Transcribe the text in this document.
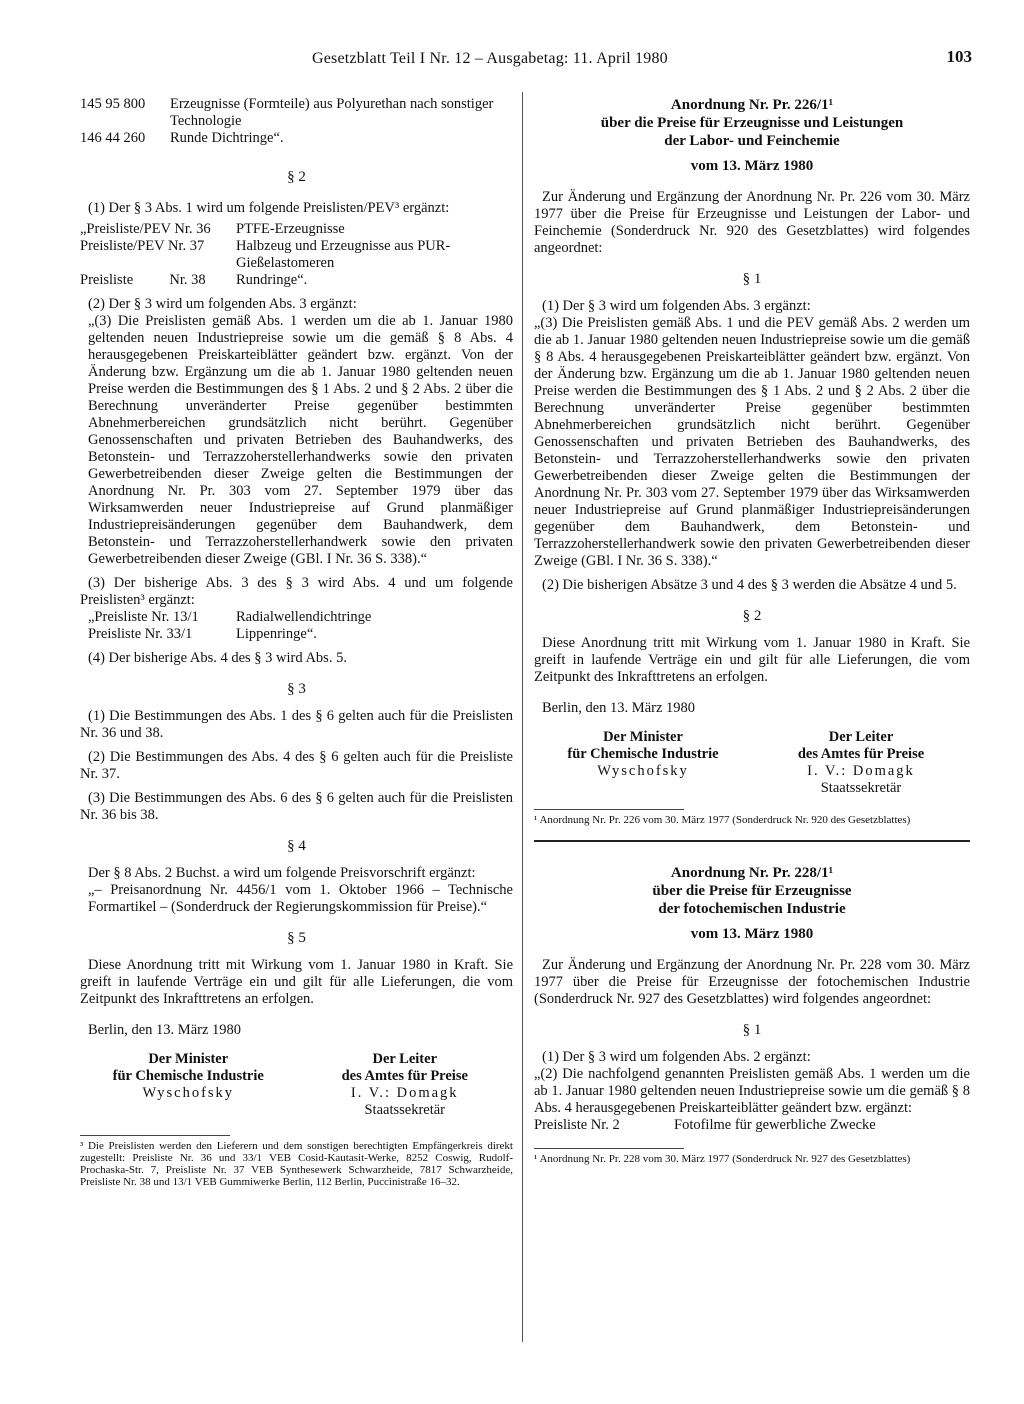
Gesetzblatt Teil I Nr. 12 – Ausgabetag: 11. April 1980	103
145 95 800	Erzeugnisse (Formteile) aus Polyurethan nach sonstiger Technologie
146 44 260	Runde Dichtringe“.
§ 2

(1) Der § 3 Abs. 1 wird um folgende Preislisten/PEV³ ergänzt:

„Preisliste/PEV Nr. 36	PTFE-Erzeugnisse
Preisliste/PEV Nr. 37	Halbzeug und Erzeugnisse aus PUR-Gießelastomeren
Preisliste          Nr. 38	Rundringe“.

(2) Der § 3 wird um folgenden Abs. 3 ergänzt:

„(3) Die Preislisten gemäß Abs. 1 werden um die ab 1. Januar 1980 geltenden neuen Industriepreise sowie um die gemäß § 8 Abs. 4 herausgegebenen Preiskarteiblätter geändert bzw. ergänzt. Von der Änderung bzw. Ergänzung um die ab 1. Januar 1980 geltenden neuen Preise werden die Bestimmungen des § 1 Abs. 2 und § 2 Abs. 2 über die Berechnung unveränderter Preise gegenüber bestimmten Abnehmerbereichen grundsätzlich nicht berührt. Gegenüber Genossenschaften und privaten Betrieben des Bauhandwerks, des Betonstein- und Terrazzoherstellerhandwerks sowie den privaten Gewerbetreibenden dieser Zweige gelten die Bestimmungen der Anordnung Nr. Pr. 303 vom 27. September 1979 über das Wirksamwerden neuer Industriepreise auf Grund planmäßiger Industriepreisänderungen gegenüber dem Bauhandwerk, dem Betonstein- und Terrazzoherstellerhandwerk sowie den privaten Gewerbetreibenden dieser Zweige (GBl. I Nr. 36 S. 338).“

(3) Der bisherige Abs. 3 des § 3 wird Abs. 4 und um folgende Preislisten³ ergänzt:

„Preisliste Nr. 13/1	Radialwellendichtringe
Preisliste Nr. 33/1	Lippenringe“.

(4) Der bisherige Abs. 4 des § 3 wird Abs. 5.

§ 3

(1) Die Bestimmungen des Abs. 1 des § 6 gelten auch für die Preislisten Nr. 36 und 38.

(2) Die Bestimmungen des Abs. 4 des § 6 gelten auch für die Preisliste Nr. 37.

(3) Die Bestimmungen des Abs. 6 des § 6 gelten auch für die Preislisten Nr. 36 bis 38.

§ 4

Der § 8 Abs. 2 Buchst. a wird um folgende Preisvorschrift ergänzt:

„– Preisanordnung Nr. 4456/1 vom 1. Oktober 1966 – Technische Formartikel – (Sonderdruck der Regierungskommission für Preise).“

§ 5

Diese Anordnung tritt mit Wirkung vom 1. Januar 1980 in Kraft. Sie greift in laufende Verträge ein und gilt für alle Lieferungen, die vom Zeitpunkt des Inkrafttretens an erfolgen.

Berlin, den 13. März 1980

Der Minister
für Chemische Industrie
Wyschofsky
Der Leiter
des Amtes für Preise
I. V.: Domagk
Staatssekretär

³ Die Preislisten werden den Lieferern und dem sonstigen berechtigten Empfängerkreis direkt zugestellt: Preisliste Nr. 36 und 33/1 VEB Cosid-Kautasit-Werke, 8252 Coswig, Rudolf-Prochaska-Str. 7, Preisliste Nr. 37 VEB Synthesewerk Schwarzheide, 7817 Schwarzheide, Preisliste Nr. 38 und 13/1 VEB Gummiwerke Berlin, 112 Berlin, Puccinistraße 16–32.

Anordnung Nr. Pr. 226/1¹
über die Preise für Erzeugnisse und Leistungen
der Labor- und Feinchemie
vom 13. März 1980

Zur Änderung und Ergänzung der Anordnung Nr. Pr. 226 vom 30. März 1977 über die Preise für Erzeugnisse und Leistungen der Labor- und Feinchemie (Sonderdruck Nr. 920 des Gesetzblattes) wird folgendes angeordnet:

§ 1

(1) Der § 3 wird um folgenden Abs. 3 ergänzt:

„(3) Die Preislisten gemäß Abs. 1 und die PEV gemäß Abs. 2 werden um die ab 1. Januar 1980 geltenden neuen Industriepreise sowie um die gemäß § 8 Abs. 4 herausgegebenen Preiskarteiblätter geändert bzw. ergänzt. Von der Änderung bzw. Ergänzung um die ab 1. Januar 1980 geltenden neuen Preise werden die Bestimmungen des § 1 Abs. 2 und § 2 Abs. 2 über die Berechnung unveränderter Preise gegenüber bestimmten Abnehmerbereichen grundsätzlich nicht berührt. Gegenüber Genossenschaften und privaten Betrieben des Bauhandwerks, des Betonstein- und Terrazzoherstellerhandwerks sowie den privaten Gewerbetreibenden dieser Zweige gelten die Bestimmungen der Anordnung Nr. Pr. 303 vom 27. September 1979 über das Wirksamwerden neuer Industriepreise auf Grund planmäßiger Industriepreisänderungen gegenüber dem Bauhandwerk, dem Betonstein- und Terrazzoherstellerhandwerk sowie den privaten Gewerbetreibenden dieser Zweige (GBl. I Nr. 36 S. 338).“

(2) Die bisherigen Absätze 3 und 4 des § 3 werden die Absätze 4 und 5.

§ 2

Diese Anordnung tritt mit Wirkung vom 1. Januar 1980 in Kraft. Sie greift in laufende Verträge ein und gilt für alle Lieferungen, die vom Zeitpunkt des Inkrafttretens an erfolgen.

Berlin, den 13. März 1980

Der Minister
für Chemische Industrie
Wyschofsky
Der Leiter
des Amtes für Preise
I. V.: Domagk
Staatssekretär

¹ Anordnung Nr. Pr. 226 vom 30. März 1977 (Sonderdruck Nr. 920 des Gesetzblattes)

Anordnung Nr. Pr. 228/1¹
über die Preise für Erzeugnisse
der fotochemischen Industrie
vom 13. März 1980

Zur Änderung und Ergänzung der Anordnung Nr. Pr. 228 vom 30. März 1977 über die Preise für Erzeugnisse der fotochemischen Industrie (Sonderdruck Nr. 927 des Gesetzblattes) wird folgendes angeordnet:

§ 1

(1) Der § 3 wird um folgenden Abs. 2 ergänzt:

„(2) Die nachfolgend genannten Preislisten gemäß Abs. 1 werden um die ab 1. Januar 1980 geltenden neuen Industriepreise sowie um die gemäß § 8 Abs. 4 herausgegebenen Preiskarteiblätter geändert bzw. ergänzt:

Preisliste Nr. 2	Fotofilme für gewerbliche Zwecke

¹ Anordnung Nr. Pr. 228 vom 30. März 1977 (Sonderdruck Nr. 927 des Gesetzblattes)
